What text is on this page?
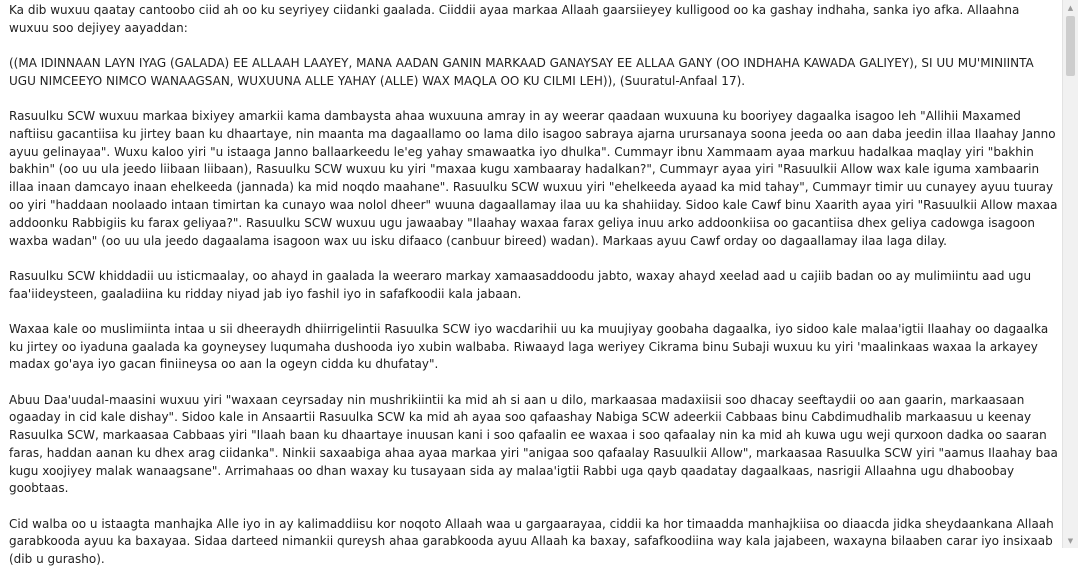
Ka dib wuxuu qaatay cantoobo ciid ah oo ku seyriyey ciidanki gaalada. Ciiddii ayaa markaa Allaah gaarsiieyey kulligood oo ka gashay indhaha, sanka iyo afka. Allaahna wuxuu soo dejiyey aayaddan:

((MA IDINNAAN LAYN IYAG (GALADA) EE ALLAAH LAAYEY, MANA AADAN GANIN MARKAAD GANAYSAY EE ALLAA GANY (OO INDHAHA KAWADA GALIYEY), SI UU MU'MINIINTA UGU NIMCEEYO NIMCO WANAAGSAN, WUXUUNA ALLE YAHAY (ALLE) WAX MAQLA OO KU CILMI LEH)), (Suuratul-Anfaal 17).

Rasuulku SCW wuxuu markaa bixiyey amarkii kama dambaysta ahaa wuxuuna amray in ay weerar qaadaan wuxuuna ku booriyey dagaalka isagoo leh "Allihii Maxamed naftiisu gacantiisa ku jirtey baan ku dhaartaye, nin maanta ma dagaallamo oo lama dilo isagoo sabraya ajarna urursanaya soona jeeda oo aan daba jeedin illaa Ilaahay Janno ayuu gelinayaa". Wuxu kaloo yiri "u istaaga Janno ballaarkeedu le'eg yahay smawaatka iyo dhulka". Cummayr ibnu Xammaam ayaa markuu hadalkaa maqlay yiri "bakhin bakhin" (oo uu ula jeedo liibaan liibaan), Rasuulku SCW wuxuu ku yiri "maxaa kugu xambaaray hadalkan?", Cummayr ayaa yiri "Rasuulkii Allow wax kale iguma xambaarin illaa inaan damcayo inaan ehelkeeda (jannada) ka mid noqdo maahane". Rasuulku SCW wuxuu yiri "ehelkeeda ayaad ka mid tahay", Cummayr timir uu cunayey ayuu tuuray oo yiri "haddaan noolaado intaan timirtan ka cunayo waa nolol dheer" wuuna dagaallamay ilaa uu ka shahiiday. Sidoo kale Cawf binu Xaarith ayaa yiri "Rasuulkii Allow maxaa addoonku Rabbigiis ku farax geliyaa?". Rasuulku SCW wuxuu ugu jawaabay "Ilaahay waxaa farax geliya inuu arko addoonkiisa oo gacantiisa dhex geliya cadowga isagoon waxba wadan" (oo uu ula jeedo dagaalama isagoon wax uu isku difaaco (canbuur bireed) wadan). Markaas ayuu Cawf orday oo dagaallamay ilaa laga dilay.

Rasuulku SCW khiddadii uu isticmaalay, oo ahayd in gaalada la weeraro markay xamaasaddoodu jabto, waxay ahayd xeelad aad u cajiib badan oo ay mulimiintu aad ugu faa'iideysteen, gaaladiina ku ridday niyad jab iyo fashil iyo in safafkoodii kala jabaan.

Waxaa kale oo muslimiinta intaa u sii dheeraydh dhiirrigelintii Rasuulka SCW iyo wacdarihii uu ka muujiyay goobaha dagaalka, iyo sidoo kale malaa'igtii Ilaahay oo dagaalka ku jirtey oo iyaduna gaalada ka goyneysey luqumaha dushooda iyo xubin walbaba. Riwaayd laga weriyey Cikrama binu Subaji wuxuu ku yiri 'maalinkaas waxaa la arkayey madax go'aya iyo gacan finiineysa oo aan la ogeyn cidda ku dhufatay".

Abuu Daa'uudal-maasini wuxuu yiri "waxaan ceyrsaday nin mushrikiintii ka mid ah si aan u dilo, markaasaa madaxiisii soo dhacay seeftaydii oo aan gaarin, markaasaan ogaaday in cid kale dishay". Sidoo kale in Ansaartii Rasuulka SCW ka mid ah ayaa soo qafaashay Nabiga SCW adeerkii Cabbaas binu Cabdimudhalib markaasuu u keenay Rasuulka SCW, markaasaa Cabbaas yiri "Ilaah baan ku dhaartaye inuusan kani i soo qafaalin ee waxaa i soo qafaalay nin ka mid ah kuwa ugu weji qurxoon dadka oo saaran faras, haddan aanan ku dhex arag ciidanka". Ninkii saxaabiga ahaa ayaa markaa yiri "anigaa soo qafaalay Rasuulkii Allow", markaasaa Rasuulka SCW yiri "aamus Ilaahay baa kugu xoojiyey malak wanaagsane". Arrimahaas oo dhan waxay ku tusayaan sida ay malaa'igtii Rabbi uga qayb qaadatay dagaalkaas, nasrigii Allaahna ugu dhaboobay goobtaas.

Cid walba oo u istaagta manhajka Alle iyo in ay kalimaddiisu kor noqoto Allaah waa u gargaarayaa, ciddii ka hor timaadda manhajkiisa oo diaacda jidka sheydaankana Allaah garabkooda ayuu ka baxayaa. Sidaa darteed nimankii qureysh ahaa garabkooda ayuu Allaah ka baxay, safafkoodiina way kala jajabeen, waxayna bilaaben carar iyo insixaab (dib u gurasho).

▲
▼
